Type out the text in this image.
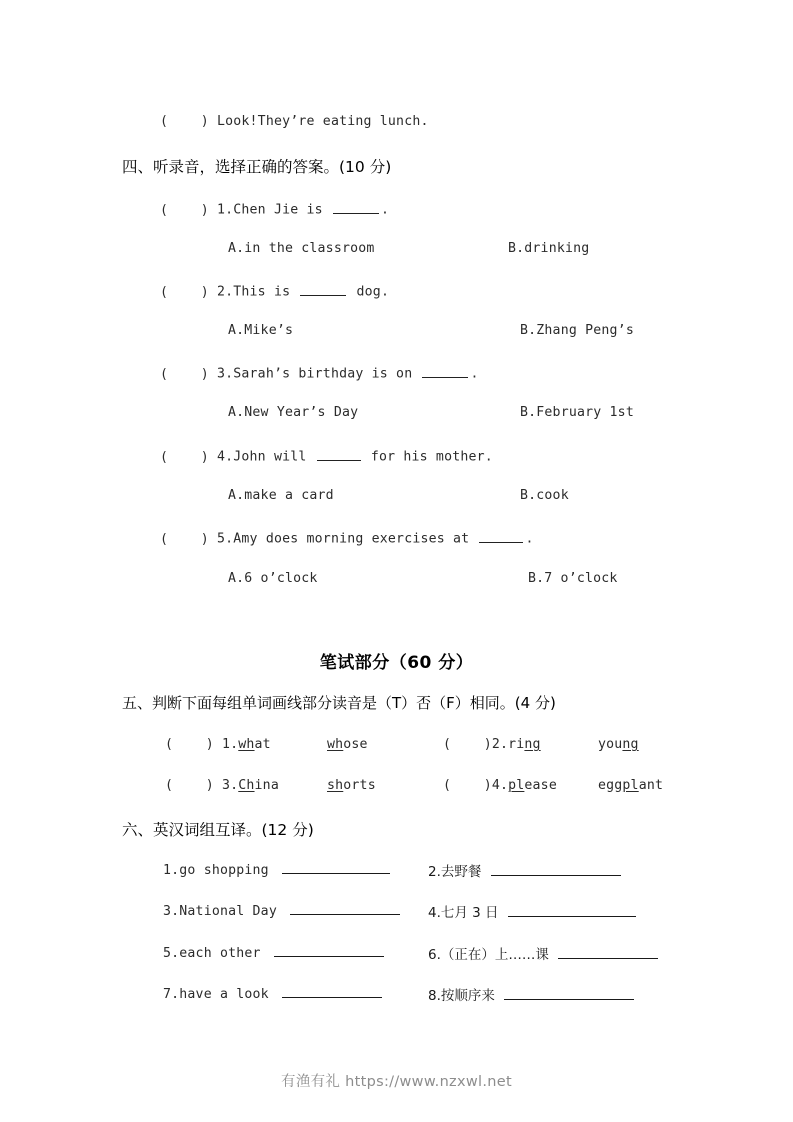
(    ) Look!They’re eating lunch.
四、听录音，选择正确的答案。(10 分)
(    ) 1.Chen Jie is	.
A.in the classroom	B.drinking
(    ) 2.This is	dog.
A.Mike’s	B.Zhang Peng’s
(    ) 3.Sarah’s birthday is on	.
A.New Year’s Day	B.February 1st
(    ) 4.John will	for his mother.
A.make a card	B.cook
(    ) 5.Amy does morning exercises at	.
A.6 o’clock	B.7 o’clock
笔试部分（60 分）
五、判断下面每组单词画线部分读音是（T）否（F）相同。(4 分)
(    ) 1.what	whose	(    )2.ring	young
(    ) 3.China	shorts	(    )4.please	eggplant
六、英汉词组互译。(12 分)
1.go shopping	2.去野餐
3.National Day	4.七月 3 日
5.each other	6.（正在）上……课
7.have a look	8.按顺序来
有渔有礼 https://www.nzxwl.net
